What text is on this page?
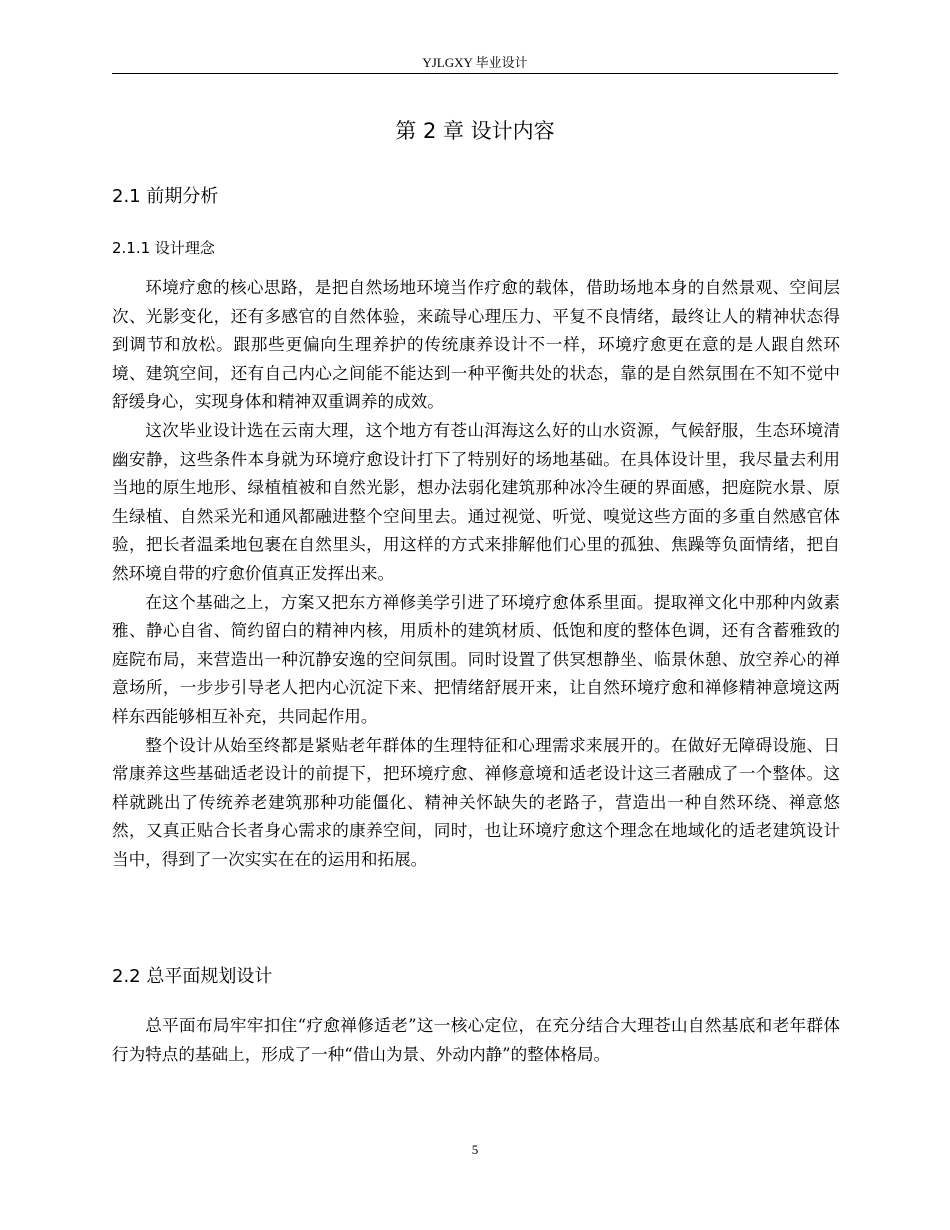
YJLGXY 毕业设计
第 2 章 设计内容
2.1 前期分析
2.1.1 设计理念

环境疗愈的核心思路，是把自然场地环境当作疗愈的载体，借助场地本身的自然景观、空间层次、光影变化，还有多感官的自然体验，来疏导心理压力、平复不良情绪，最终让人的精神状态得到调节和放松。跟那些更偏向生理养护的传统康养设计不一样，环境疗愈更在意的是人跟自然环境、建筑空间，还有自己内心之间能不能达到一种平衡共处的状态，靠的是自然氛围在不知不觉中舒缓身心，实现身体和精神双重调养的成效。

这次毕业设计选在云南大理，这个地方有苍山洱海这么好的山水资源，气候舒服，生态环境清幽安静，这些条件本身就为环境疗愈设计打下了特别好的场地基础。在具体设计里，我尽量去利用当地的原生地形、绿植植被和自然光影，想办法弱化建筑那种冰冷生硬的界面感，把庭院水景、原生绿植、自然采光和通风都融进整个空间里去。通过视觉、听觉、嗅觉这些方面的多重自然感官体验，把长者温柔地包裹在自然里头，用这样的方式来排解他们心里的孤独、焦躁等负面情绪，把自然环境自带的疗愈价值真正发挥出来。

在这个基础之上，方案又把东方禅修美学引进了环境疗愈体系里面。提取禅文化中那种内敛素雅、静心自省、简约留白的精神内核，用质朴的建筑材质、低饱和度的整体色调，还有含蓄雅致的庭院布局，来营造出一种沉静安逸的空间氛围。同时设置了供冥想静坐、临景休憩、放空养心的禅意场所，一步步引导老人把内心沉淀下来、把情绪舒展开来，让自然环境疗愈和禅修精神意境这两样东西能够相互补充，共同起作用。

整个设计从始至终都是紧贴老年群体的生理特征和心理需求来展开的。在做好无障碍设施、日常康养这些基础适老设计的前提下，把环境疗愈、禅修意境和适老设计这三者融成了一个整体。这样就跳出了传统养老建筑那种功能僵化、精神关怀缺失的老路子，营造出一种自然环绕、禅意悠然，又真正贴合长者身心需求的康养空间，同时，也让环境疗愈这个理念在地域化的适老建筑设计当中，得到了一次实实在在的运用和拓展。

2.2 总平面规划设计

总平面布局牢牢扣住“疗愈禅修适老”这一核心定位，在充分结合大理苍山自然基底和老年群体行为特点的基础上，形成了一种“借山为景、外动内静”的整体格局。

5
